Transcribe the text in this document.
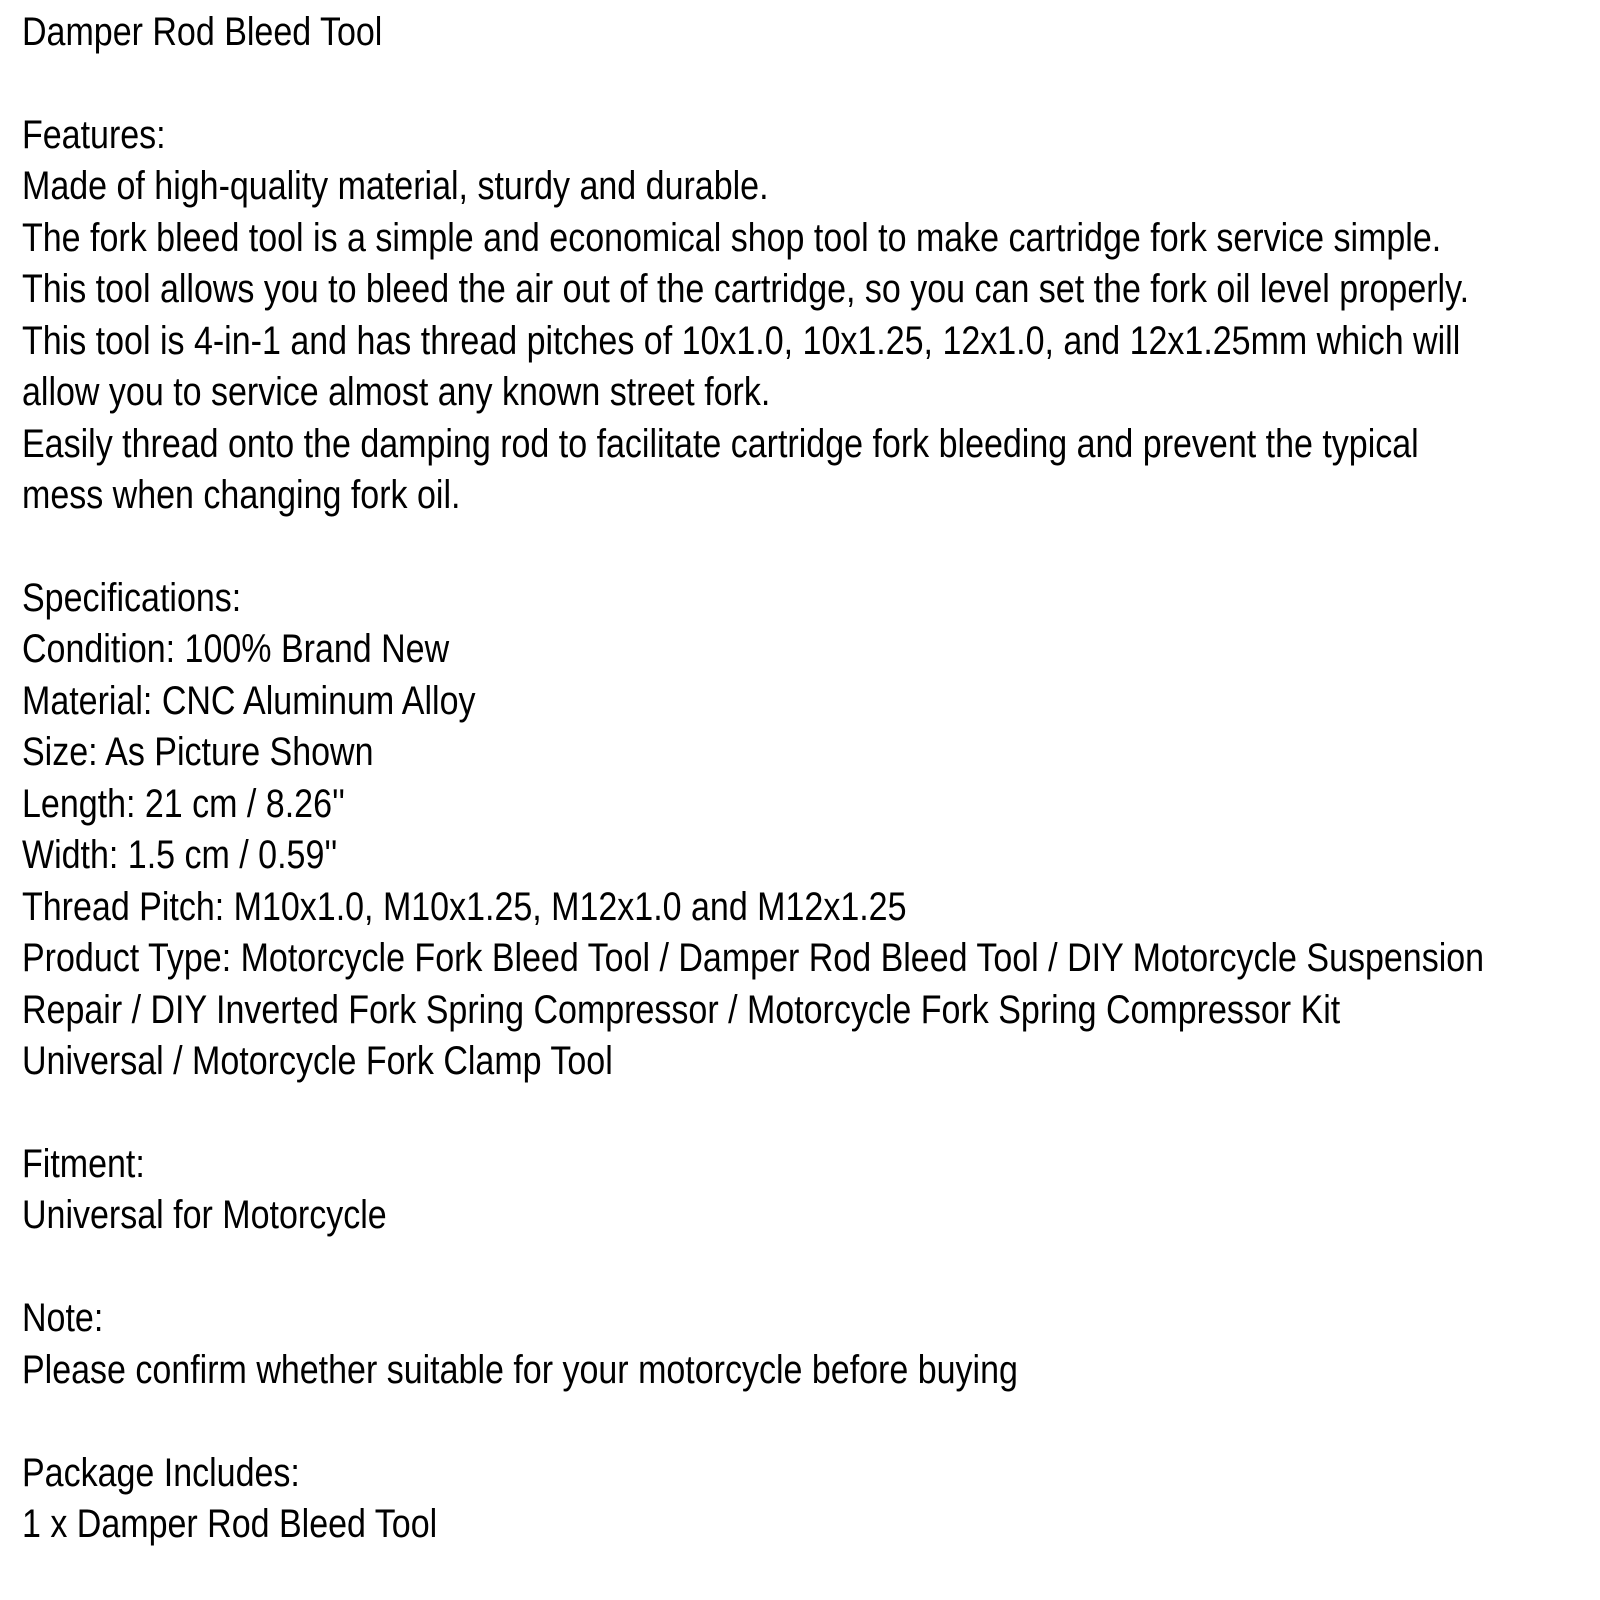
Damper Rod Bleed Tool
Features:
Made of high-quality material, sturdy and durable.
The fork bleed tool is a simple and economical shop tool to make cartridge fork service simple.
This tool allows you to bleed the air out of the cartridge, so you can set the fork oil level properly.
This tool is 4-in-1 and has thread pitches of 10x1.0, 10x1.25, 12x1.0, and 12x1.25mm which will
allow you to service almost any known street fork.
Easily thread onto the damping rod to facilitate cartridge fork bleeding and prevent the typical
mess when changing fork oil.
Specifications:
Condition: 100% Brand New
Material: CNC Aluminum Alloy
Size: As Picture Shown
Length: 21 cm / 8.26''
Width: 1.5 cm / 0.59''
Thread Pitch: M10x1.0, M10x1.25, M12x1.0 and M12x1.25
Product Type: Motorcycle Fork Bleed Tool / Damper Rod Bleed Tool / DIY Motorcycle Suspension
Repair / DIY Inverted Fork Spring Compressor / Motorcycle Fork Spring Compressor Kit
Universal / Motorcycle Fork Clamp Tool
Fitment:
Universal for Motorcycle
Note:
Please confirm whether suitable for your motorcycle before buying
Package Includes:
1 x Damper Rod Bleed Tool
